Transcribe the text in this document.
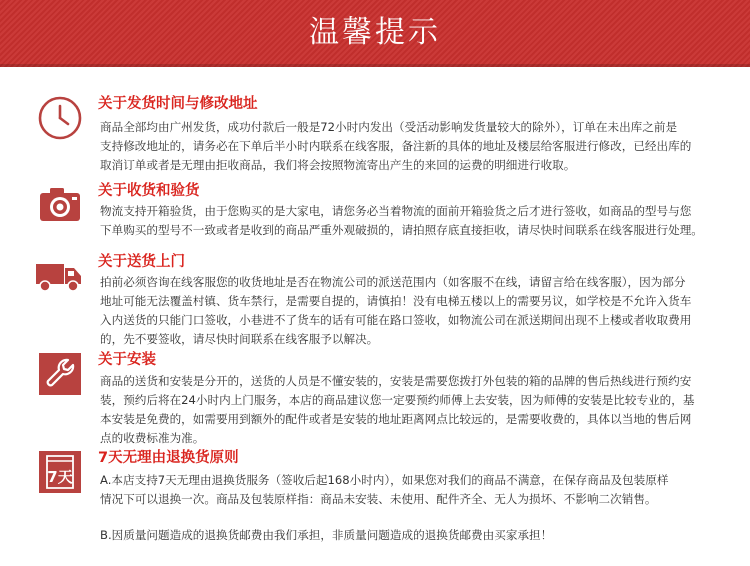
温馨提示
关于发货时间与修改地址
商品全部均由广州发货，成功付款后一般是72小时内发出（受活动影响发货量较大的除外），订单在未出库之前是
支持修改地址的，请务必在下单后半小时内联系在线客服，备注新的具体的地址及楼层给客服进行修改，已经出库的
取消订单或者是无理由拒收商品，我们将会按照物流寄出产生的来回的运费的明细进行收取。
关于收货和验货
物流支持开箱验货，由于您购买的是大家电，请您务必当着物流的面前开箱验货之后才进行签收，如商品的型号与您
下单购买的型号不一致或者是收到的商品严重外观破损的，请拍照存底直接拒收，请尽快时间联系在线客服进行处理。
关于送货上门
拍前必须咨询在线客服您的收货地址是否在物流公司的派送范围内（如客服不在线，请留言给在线客服），因为部分
地址可能无法覆盖村镇、货车禁行，是需要自提的，请慎拍！没有电梯五楼以上的需要另议，如学校是不允许入货车
入内送货的只能门口签收，小巷进不了货车的话有可能在路口签收，如物流公司在派送期间出现不上楼或者收取费用
的，先不要签收，请尽快时间联系在线客服予以解决。
关于安装
商品的送货和安装是分开的，送货的人员是不懂安装的，安装是需要您拨打外包装的箱的品牌的售后热线进行预约安
装，预约后将在24小时内上门服务，本店的商品建议您一定要预约师傅上去安装，因为师傅的安装是比较专业的，基
本安装是免费的，如需要用到额外的配件或者是安装的地址距离网点比较远的，是需要收费的，具体以当地的售后网
点的收费标准为准。
7天
7天无理由退换货原则
A.本店支持7天无理由退换货服务（签收后起168小时内），如果您对我们的商品不满意，在保存商品及包装原样
情况下可以退换一次。商品及包装原样指：商品未安装、未使用、配件齐全、无人为损坏、不影响二次销售。
B.因质量问题造成的退换货邮费由我们承担，非质量问题造成的退换货邮费由买家承担！
